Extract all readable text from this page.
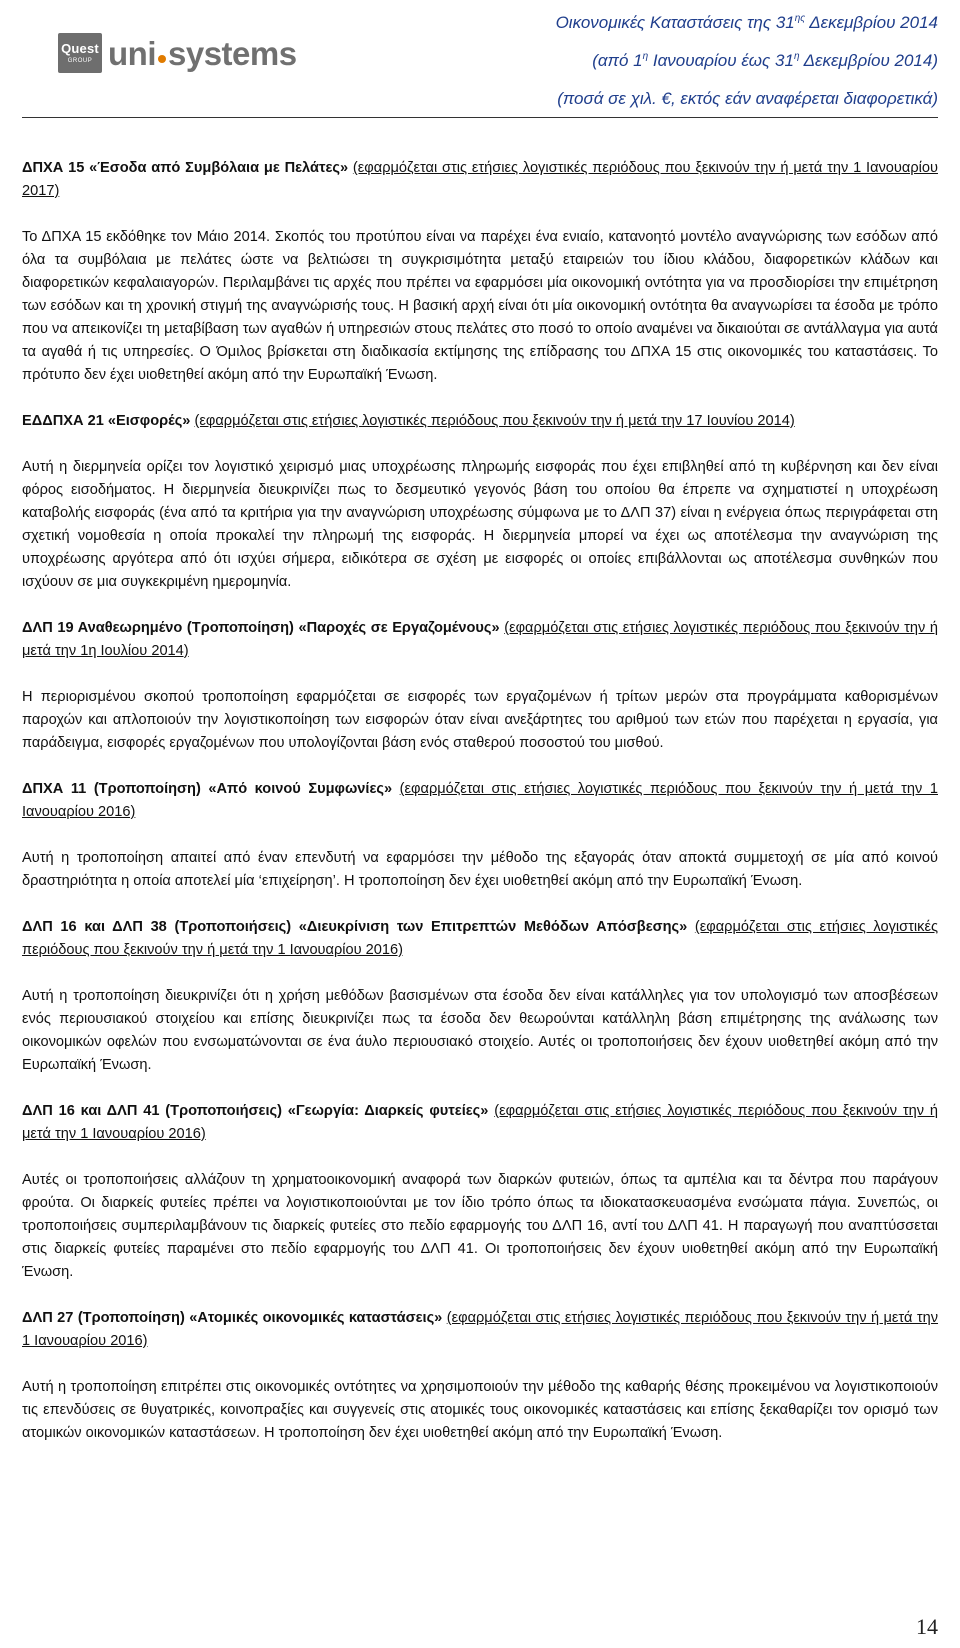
Quest
GROUP uni systems
Οικονομικές Καταστάσεις της $31^{\eta\varsigma}$ Δεκεμβρίου 2014
(από $1^\eta$ Ιανουαρίου έως $31^\eta$ Δεκεμβρίου 2014)
(ποσά σε χιλ. €, εκτός εάν αναφέρεται διαφορετικά)

ΔΠΧΑ 15 «Έσοδα από Συμβόλαια με Πελάτες» (εφαρμόζεται στις ετήσιες λογιστικές περιόδους που ξεκινούν την ή μετά την 1 Ιανουαρίου 2017)

Το ΔΠΧΑ 15 εκδόθηκε τον Μάιο 2014. Σκοπός του προτύπου είναι να παρέχει ένα ενιαίο, κατανοητό μοντέλο αναγνώρισης των εσόδων από όλα τα συμβόλαια με πελάτες ώστε να βελτιώσει τη συγκρισιμότητα μεταξύ εταιρειών του ίδιου κλάδου, διαφορετικών κλάδων και διαφορετικών κεφαλαιαγορών. Περιλαμβάνει τις αρχές που πρέπει να εφαρμόσει μία οικονομική οντότητα για να προσδιορίσει την επιμέτρηση των εσόδων και τη χρονική στιγμή της αναγνώρισής τους. Η βασική αρχή είναι ότι μία οικονομική οντότητα θα αναγνωρίσει τα έσοδα με τρόπο που να απεικονίζει τη μεταβίβαση των αγαθών ή υπηρεσιών στους πελάτες στο ποσό το οποίο αναμένει να δικαιούται σε αντάλλαγμα για αυτά τα αγαθά ή τις υπηρεσίες. Ο Όμιλος βρίσκεται στη διαδικασία εκτίμησης της επίδρασης του ΔΠΧΑ 15 στις οικονομικές του καταστάσεις. Το πρότυπο δεν έχει υιοθετηθεί ακόμη από την Ευρωπαϊκή Ένωση.

ΕΔΔΠΧΑ 21 «Εισφορές» (εφαρμόζεται στις ετήσιες λογιστικές περιόδους που ξεκινούν την ή μετά την 17 Ιουνίου 2014)

Αυτή η διερμηνεία ορίζει τον λογιστικό χειρισμό μιας υποχρέωσης πληρωμής εισφοράς που έχει επιβληθεί από τη κυβέρνηση και δεν είναι φόρος εισοδήματος. Η διερμηνεία διευκρινίζει πως το δεσμευτικό γεγονός βάση του οποίου θα έπρεπε να σχηματιστεί η υποχρέωση καταβολής εισφοράς (ένα από τα κριτήρια για την αναγνώριση υποχρέωσης σύμφωνα με το ΔΛΠ 37) είναι η ενέργεια όπως περιγράφεται στη σχετική νομοθεσία η οποία προκαλεί την πληρωμή της εισφοράς. Η διερμηνεία μπορεί να έχει ως αποτέλεσμα την αναγνώριση της υποχρέωσης αργότερα από ότι ισχύει σήμερα, ειδικότερα σε σχέση με εισφορές οι οποίες επιβάλλονται ως αποτέλεσμα συνθηκών που ισχύουν σε μια συγκεκριμένη ημερομηνία.

ΔΛΠ 19 Αναθεωρημένο (Τροποποίηση) «Παροχές σε Εργαζομένους» (εφαρμόζεται στις ετήσιες λογιστικές περιόδους που ξεκινούν την ή μετά την 1η Ιουλίου 2014)

Η περιορισμένου σκοπού τροποποίηση εφαρμόζεται σε εισφορές των εργαζομένων ή τρίτων μερών στα προγράμματα καθορισμένων παροχών και απλοποιούν την λογιστικοποίηση των εισφορών όταν είναι ανεξάρτητες του αριθμού των ετών που παρέχεται η εργασία, για παράδειγμα, εισφορές εργαζομένων που υπολογίζονται βάση ενός σταθερού ποσοστού του μισθού.

ΔΠΧΑ 11 (Τροποποίηση) «Από κοινού Συμφωνίες» (εφαρμόζεται στις ετήσιες λογιστικές περιόδους που ξεκινούν την ή μετά την 1 Ιανουαρίου 2016)

Αυτή η τροποποίηση απαιτεί από έναν επενδυτή να εφαρμόσει την μέθοδο της εξαγοράς όταν αποκτά συμμετοχή σε μία από κοινού δραστηριότητα η οποία αποτελεί μία ‘επιχείρηση’. Η τροποποίηση δεν έχει υιοθετηθεί ακόμη από την Ευρωπαϊκή Ένωση.

ΔΛΠ 16 και ΔΛΠ 38 (Τροποποιήσεις) «Διευκρίνιση των Επιτρεπτών Μεθόδων Απόσβεσης» (εφαρμόζεται στις ετήσιες λογιστικές περιόδους που ξεκινούν την ή μετά την 1 Ιανουαρίου 2016)

Αυτή η τροποποίηση διευκρινίζει ότι η χρήση μεθόδων βασισμένων στα έσοδα δεν είναι κατάλληλες για τον υπολογισμό των αποσβέσεων ενός περιουσιακού στοιχείου και επίσης διευκρινίζει πως τα έσοδα δεν θεωρούνται κατάλληλη βάση επιμέτρησης της ανάλωσης των οικονομικών οφελών που ενσωματώνονται σε ένα άυλο περιουσιακό στοιχείο. Αυτές οι τροποποιήσεις δεν έχουν υιοθετηθεί ακόμη από την Ευρωπαϊκή Ένωση.

ΔΛΠ 16 και ΔΛΠ 41 (Τροποποιήσεις) «Γεωργία: Διαρκείς φυτείες» (εφαρμόζεται στις ετήσιες λογιστικές περιόδους που ξεκινούν την ή μετά την 1 Ιανουαρίου 2016)

Αυτές οι τροποποιήσεις αλλάζουν τη χρηματοοικονομική αναφορά των διαρκών φυτειών, όπως τα αμπέλια και τα δέντρα που παράγουν φρούτα. Οι διαρκείς φυτείες πρέπει να λογιστικοποιούνται με τον ίδιο τρόπο όπως τα ιδιοκατασκευασμένα ενσώματα πάγια. Συνεπώς, οι τροποποιήσεις συμπεριλαμβάνουν τις διαρκείς φυτείες στο πεδίο εφαρμογής του ΔΛΠ 16, αντί του ΔΛΠ 41. Η παραγωγή που αναπτύσσεται στις διαρκείς φυτείες παραμένει στο πεδίο εφαρμογής του ΔΛΠ 41. Οι τροποποιήσεις δεν έχουν υιοθετηθεί ακόμη από την Ευρωπαϊκή Ένωση.

ΔΛΠ 27 (Τροποποίηση) «Ατομικές οικονομικές καταστάσεις» (εφαρμόζεται στις ετήσιες λογιστικές περιόδους που ξεκινούν την ή μετά την 1 Ιανουαρίου 2016)

Αυτή η τροποποίηση επιτρέπει στις οικονομικές οντότητες να χρησιμοποιούν την μέθοδο της καθαρής θέσης προκειμένου να λογιστικοποιούν τις επενδύσεις σε θυγατρικές, κοινοπραξίες και συγγενείς στις ατομικές τους οικονομικές καταστάσεις και επίσης ξεκαθαρίζει τον ορισμό των ατομικών οικονομικών καταστάσεων. Η τροποποίηση δεν έχει υιοθετηθεί ακόμη από την Ευρωπαϊκή Ένωση.

14
